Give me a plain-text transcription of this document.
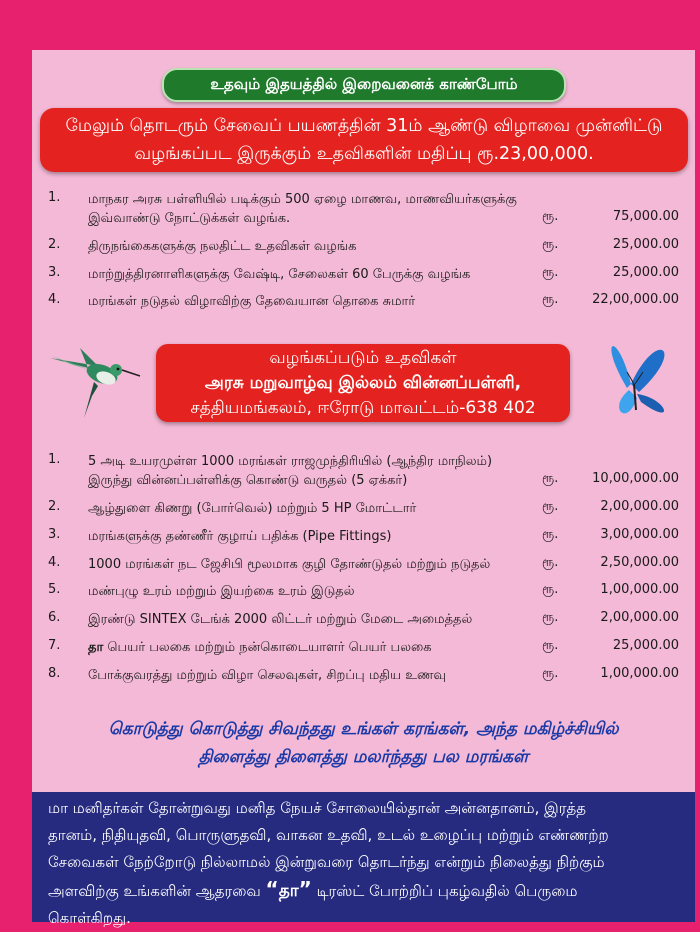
உதவும் இதயத்தில் இறைவனைக் காண்போம்
மேலும் தொடரும் சேவைப் பயணத்தின் 31ம் ஆண்டு விழாவை முன்னிட்டு
வழங்கப்பட இருக்கும் உதவிகளின் மதிப்பு ரூ.23,00,000.
1. மாநகர அரசு பள்ளியில் படிக்கும் 500 ஏழை மாணவ, மாணவியர்களுக்கு
இவ்வாண்டு நோட்டுக்கள் வழங்க.	ரூ.	75,000.00
2. திருநங்கைகளுக்கு நலதிட்ட உதவிகள் வழங்க	ரூ.	25,000.00
3. மாற்றுத்திரனாளிகளுக்கு வேஷ்டி, சேலைகள் 60 பேருக்கு வழங்க	ரூ.	25,000.00
4. மரங்கள் நடுதல் விழாவிற்கு தேவையான தொகை சுமார்	ரூ.	22,00,000.00
வழங்கப்படும் உதவிகள்
அரசு மறுவாழ்வு இல்லம் வின்னப்பள்ளி,
சத்தியமங்கலம், ஈரோடு மாவட்டம்-638 402
1. 5 அடி உயரமுள்ள 1000 மரங்கள் ராஜமுந்திரியில் (ஆந்திர மாநிலம்)
இருந்து வின்னப்பள்ளிக்கு கொண்டு வருதல் (5 ஏக்கர்)	ரூ.	10,00,000.00
2. ஆழ்துளை கிணறு (போர்வெல்) மற்றும் 5 HP மோட்டார்	ரூ.	2,00,000.00
3. மரங்களுக்கு தண்ணீர் குழாய் பதிக்க (Pipe Fittings)	ரூ.	3,00,000.00
4. 1000 மரங்கள் நட ஜேசிபி மூலமாக குழி தோண்டுதல் மற்றும் நடுதல்	ரூ.	2,50,000.00
5. மண்புழு உரம் மற்றும் இயற்கை உரம் இடுதல்	ரூ.	1,00,000.00
6. இரண்டு SINTEX டேங்க் 2000 லிட்டர் மற்றும் மேடை அமைத்தல்	ரூ.	2,00,000.00
7. தா பெயர் பலகை மற்றும் நன்கொடையாளர் பெயர் பலகை	ரூ.	25,000.00
8. போக்குவரத்து மற்றும் விழா செலவுகள், சிறப்பு மதிய உணவு	ரூ.	1,00,000.00
கொடுத்து கொடுத்து சிவந்தது உங்கள் கரங்கள், அந்த மகிழ்ச்சியில்
திளைத்து திளைத்து மலர்ந்தது பல மரங்கள்
மா மனிதர்கள் தோன்றுவது மனித நேயச் சோலையில்தான் அன்னதானம், இரத்த
தானம், நிதியுதவி, பொருளுதவி, வாகன உதவி, உடல் உழைப்பு மற்றும் எண்ணற்ற
சேவைகள் நேற்றோடு நில்லாமல் இன்றுவரை தொடர்ந்து என்றும் நிலைத்து நிற்கும்
அளவிற்கு உங்களின் ஆதரவை “தா” டிரஸ்ட் போற்றிப் புகழ்வதில் பெருமை
கொள்கிறது.
